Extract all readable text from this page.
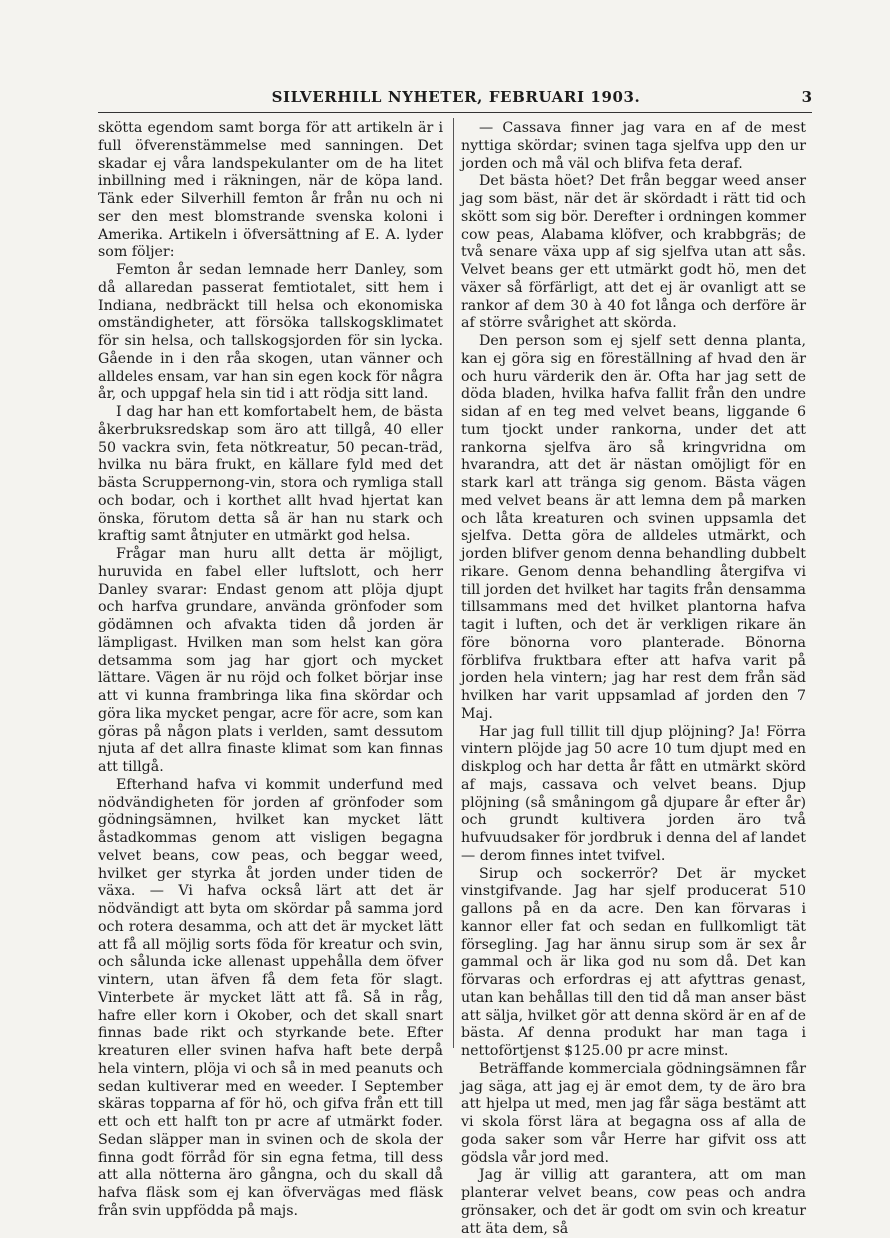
SILVERHILL NYHETER, FEBRUARI 1903.	3

skötta egendom samt borga för att artikeln är i full öfverenstämmelse med sanningen. Det skadar ej våra landspekulanter om de ha litet inbillning med i räkningen, när de köpa land. Tänk eder Silverhill femton år från nu och ni ser den mest blomstrande svenska koloni i Amerika. Artikeln i öfversättning af E. A. lyder som följer:

Femton år sedan lemnade herr Danley, som då allaredan passerat femtiotalet, sitt hem i Indiana, nedbräckt till helsa och ekonomiska omständigheter, att försöka tallskogsklimatet för sin helsa, och tallskogsjorden för sin lycka. Gående in i den råa skogen, utan vänner och alldeles ensam, var han sin egen kock för några år, och uppgaf hela sin tid i att rödja sitt land.

I dag har han ett komfortabelt hem, de bästa åkerbruksredskap som äro att tillgå, 40 eller 50 vackra svin, feta nötkreatur, 50 pecan-träd, hvilka nu bära frukt, en källare fyld med det bästa Scruppernong-vin, stora och rymliga stall och bodar, och i korthet allt hvad hjertat kan önska, förutom detta så är han nu stark och kraftig samt åtnjuter en utmärkt god helsa.

Frågar man huru allt detta är möjligt, huruvida en fabel eller luftslott, och herr Danley svarar: Endast genom att plöja djupt och harfva grundare, använda grönfoder som gödämnen och afvakta tiden då jorden är lämpligast. Hvilken man som helst kan göra detsamma som jag har gjort och mycket lättare. Vägen är nu röjd och folket börjar inse att vi kunna frambringa lika fina skördar och göra lika mycket pengar, acre för acre, som kan göras på någon plats i verlden, samt dessutom njuta af det allra finaste klimat som kan finnas att tillgå.

Efterhand hafva vi kommit underfund med nödvändigheten för jorden af grönfoder som gödningsämnen, hvilket kan mycket lätt åstadkommas genom att visligen begagna velvet beans, cow peas, och beggar weed, hvilket ger styrka åt jorden under tiden de växa. — Vi hafva också lärt att det är nödvändigt att byta om skördar på samma jord och rotera desamma, och att det är mycket lätt att få all möjlig sorts föda för kreatur och svin, och sålunda icke allenast uppehålla dem öfver vintern, utan äfven få dem feta för slagt. Vinterbete är mycket lätt att få. Så in råg, hafre eller korn i Okober, och det skall snart finnas bade rikt och styrkande bete. Efter kreaturen eller svinen hafva haft bete derpå hela vintern, plöja vi och så in med peanuts och sedan kultiverar med en weeder. I September skäras topparna af för hö, och gifva från ett till ett och ett halft ton pr acre af utmärkt foder. Sedan släpper man in svinen och de skola der finna godt förråd för sin egna fetma, till dess att alla nötterna äro gångna, och du skall då hafva fläsk som ej kan öfvervägas med fläsk från svin uppfödda på majs.

— Cassava finner jag vara en af de mest nyttiga skördar; svinen taga sjelfva upp den ur jorden och må väl och blifva feta deraf.

Det bästa höet? Det från beggar weed anser jag som bäst, när det är skördadt i rätt tid och skött som sig bör. Derefter i ordningen kommer cow peas, Alabama klöfver, och krabbgräs; de två senare växa upp af sig sjelfva utan att sås. Velvet beans ger ett utmärkt godt hö, men det växer så förfärligt, att det ej är ovanligt att se rankor af dem 30 à 40 fot långa och derföre är af större svårighet att skörda.

Den person som ej sjelf sett denna planta, kan ej göra sig en föreställning af hvad den är och huru värderik den är. Ofta har jag sett de döda bladen, hvilka hafva fallit från den undre sidan af en teg med velvet beans, liggande 6 tum tjockt under rankorna, under det att rankorna sjelfva äro så kringvridna om hvarandra, att det är nästan omöjligt för en stark karl att tränga sig genom. Bästa vägen med velvet beans är att lemna dem på marken och låta kreaturen och svinen uppsamla det sjelfva. Detta göra de alldeles utmärkt, och jorden blifver genom denna behandling dubbelt rikare. Genom denna behandling återgifva vi till jorden det hvilket har tagits från densamma tillsammans med det hvilket plantorna hafva tagit i luften, och det är verkligen rikare än före bönorna voro planterade. Bönorna förblifva fruktbara efter att hafva varit på jorden hela vintern; jag har rest dem från säd hvilken har varit uppsamlad af jorden den 7 Maj.

Har jag full tillit till djup plöjning? Ja! Förra vintern plöjde jag 50 acre 10 tum djupt med en diskplog och har detta år fått en utmärkt skörd af majs, cassava och velvet beans. Djup plöjning (så småningom gå djupare år efter år) och grundt kultivera jorden äro två hufvuudsaker för jordbruk i denna del af landet — derom finnes intet tvifvel.

Sirup och sockerrör? Det är mycket vinstgifvande. Jag har sjelf producerat 510 gallons på en da acre. Den kan förvaras i kannor eller fat och sedan en fullkomligt tät försegling. Jag har ännu sirup som är sex år gammal och är lika god nu som då. Det kan förvaras och erfordras ej att afyttras genast, utan kan behållas till den tid då man anser bäst att sälja, hvilket gör att denna skörd är en af de bästa. Af denna produkt har man taga i nettoförtjenst $125.00 pr acre minst.

Beträffande kommerciala gödningsämnen får jag säga, att jag ej är emot dem, ty de äro bra att hjelpa ut med, men jag får säga bestämt att vi skola först lära at begagna oss af alla de goda saker som vår Herre har gifvit oss att gödsla vår jord med.

Jag är villig att garantera, att om man planterar velvet beans, cow peas och andra grönsaker, och det är godt om svin och kreatur att äta dem, så
